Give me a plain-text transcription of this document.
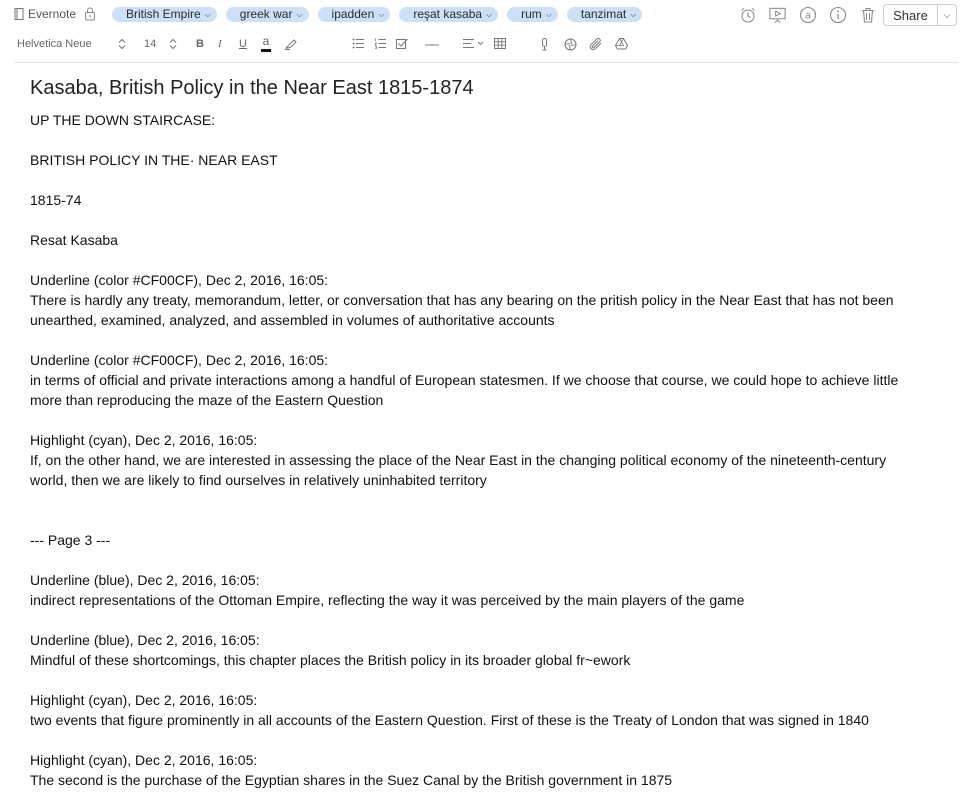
Evernote	British Empire ⌵ greek war ⌵ ipadden ⌵ reşat kasaba ⌵ rum ⌵ tanzimat ⌵	a	Share	⌵
Helvetica Neue	14	B I U a
Kasaba, British Policy in the Near East 1815-1874

UP THE DOWN STAIRCASE:

BRITISH POLICY IN THE· NEAR EAST

1815-74

Resat Kasaba

Underline (color #CF00CF), Dec 2, 2016, 16:05:

There is hardly any treaty, memorandum, letter, or conversation that has any bearing on the pritish policy in the Near East that has not been

unearthed, examined, analyzed, and assembled in volumes of authoritative accounts

Underline (color #CF00CF), Dec 2, 2016, 16:05:

in terms of official and private interactions among a handful of European statesmen. If we choose that course, we could hope to achieve little

more than reproducing the maze of the Eastern Question

Highlight (cyan), Dec 2, 2016, 16:05:

If, on the other hand, we are interested in assessing the place of the Near East in the changing political economy of the nineteenth-century

world, then we are likely to find ourselves in relatively uninhabited territory

--- Page 3 ---

Underline (blue), Dec 2, 2016, 16:05:

indirect representations of the Ottoman Empire, reflecting the way it was perceived by the main players of the game

Underline (blue), Dec 2, 2016, 16:05:

Mindful of these shortcomings, this chapter places the British policy in its broader global fr~ework

Highlight (cyan), Dec 2, 2016, 16:05:

two events that figure prominently in all accounts of the Eastern Question. First of these is the Treaty of London that was signed in 1840

Highlight (cyan), Dec 2, 2016, 16:05:

The second is the purchase of the Egyptian shares in the Suez Canal by the British government in 1875
